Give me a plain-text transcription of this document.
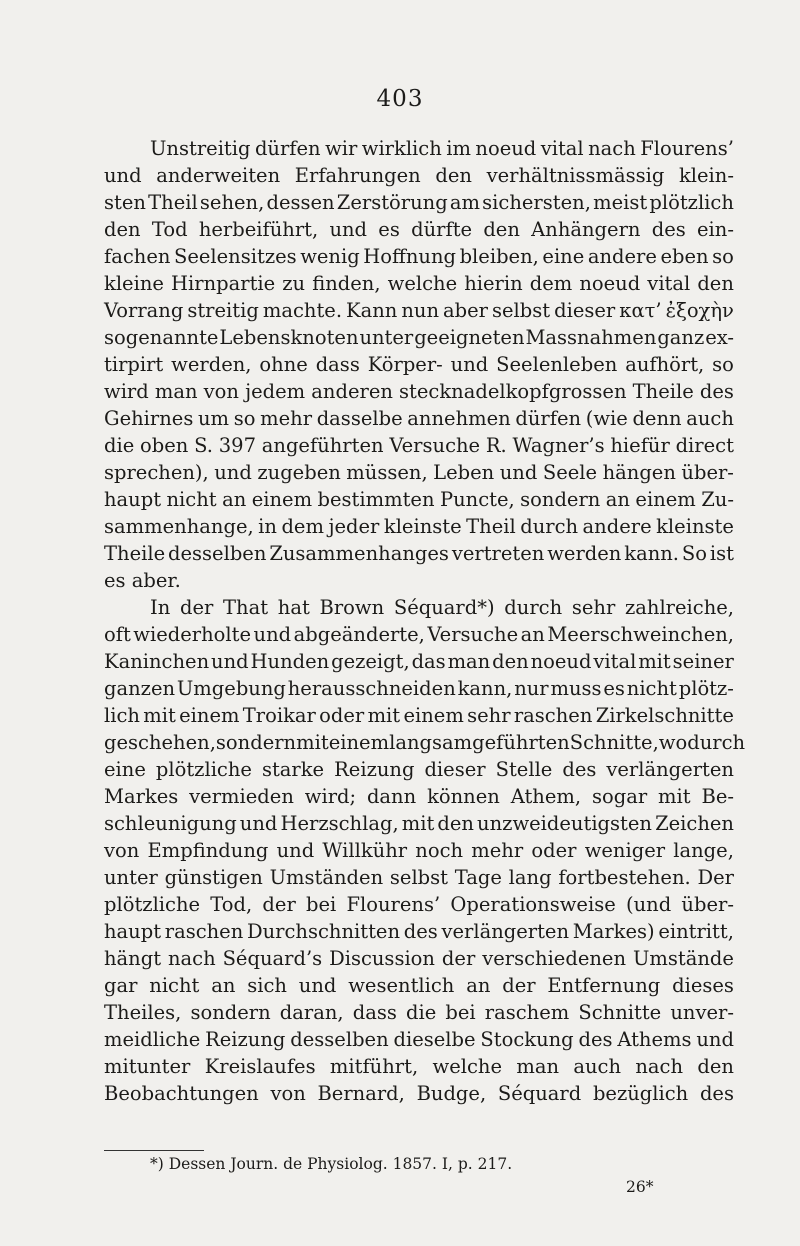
403
Unstreitig dürfen wir wirklich im noeud vital nach Flourens’
und anderweiten Erfahrungen den verhältnissmässig klein-
sten Theil sehen, dessen Zerstörung am sichersten, meist plötzlich
den Tod herbeiführt, und es dürfte den Anhängern des ein-
fachen Seelensitzes wenig Hoffnung bleiben, eine andere eben so
kleine Hirnpartie zu finden, welche hierin dem noeud vital den
Vorrang streitig machte. Kann nun aber selbst dieser κατ’ ἐξοχὴν
sogenannte Lebensknoten unter geeigneten Massnahmen ganz ex-
tirpirt werden, ohne dass Körper- und Seelenleben aufhört, so
wird man von jedem anderen stecknadelkopfgrossen Theile des
Gehirnes um so mehr dasselbe annehmen dürfen (wie denn auch
die oben S. 397 angeführten Versuche R. Wagner’s hiefür direct
sprechen), und zugeben müssen, Leben und Seele hängen über-
haupt nicht an einem bestimmten Puncte, sondern an einem Zu-
sammenhange, in dem jeder kleinste Theil durch andere kleinste
Theile desselben Zusammenhanges vertreten werden kann. So ist
es aber.
In der That hat Brown Séquard*) durch sehr zahlreiche,
oft wiederholte und abgeänderte, Versuche an Meerschweinchen,
Kaninchen und Hunden gezeigt, das man den noeud vital mit seiner
ganzen Umgebung herausschneiden kann, nur muss es nicht plötz-
lich mit einem Troikar oder mit einem sehr raschen Zirkelschnitte
geschehen, sondern mit einem langsam geführten Schnitte, wodurch
eine plötzliche starke Reizung dieser Stelle des verlängerten
Markes vermieden wird; dann können Athem, sogar mit Be-
schleunigung und Herzschlag, mit den unzweideutigsten Zeichen
von Empfindung und Willkühr noch mehr oder weniger lange,
unter günstigen Umständen selbst Tage lang fortbestehen. Der
plötzliche Tod, der bei Flourens’ Operationsweise (und über-
haupt raschen Durchschnitten des verlängerten Markes) eintritt,
hängt nach Séquard’s Discussion der verschiedenen Umstände
gar nicht an sich und wesentlich an der Entfernung dieses
Theiles, sondern daran, dass die bei raschem Schnitte unver-
meidliche Reizung desselben dieselbe Stockung des Athems und
mitunter Kreislaufes mitführt, welche man auch nach den
Beobachtungen von Bernard, Budge, Séquard bezüglich des
*) Dessen Journ. de Physiolog. 1857. I, p. 217.
26*
